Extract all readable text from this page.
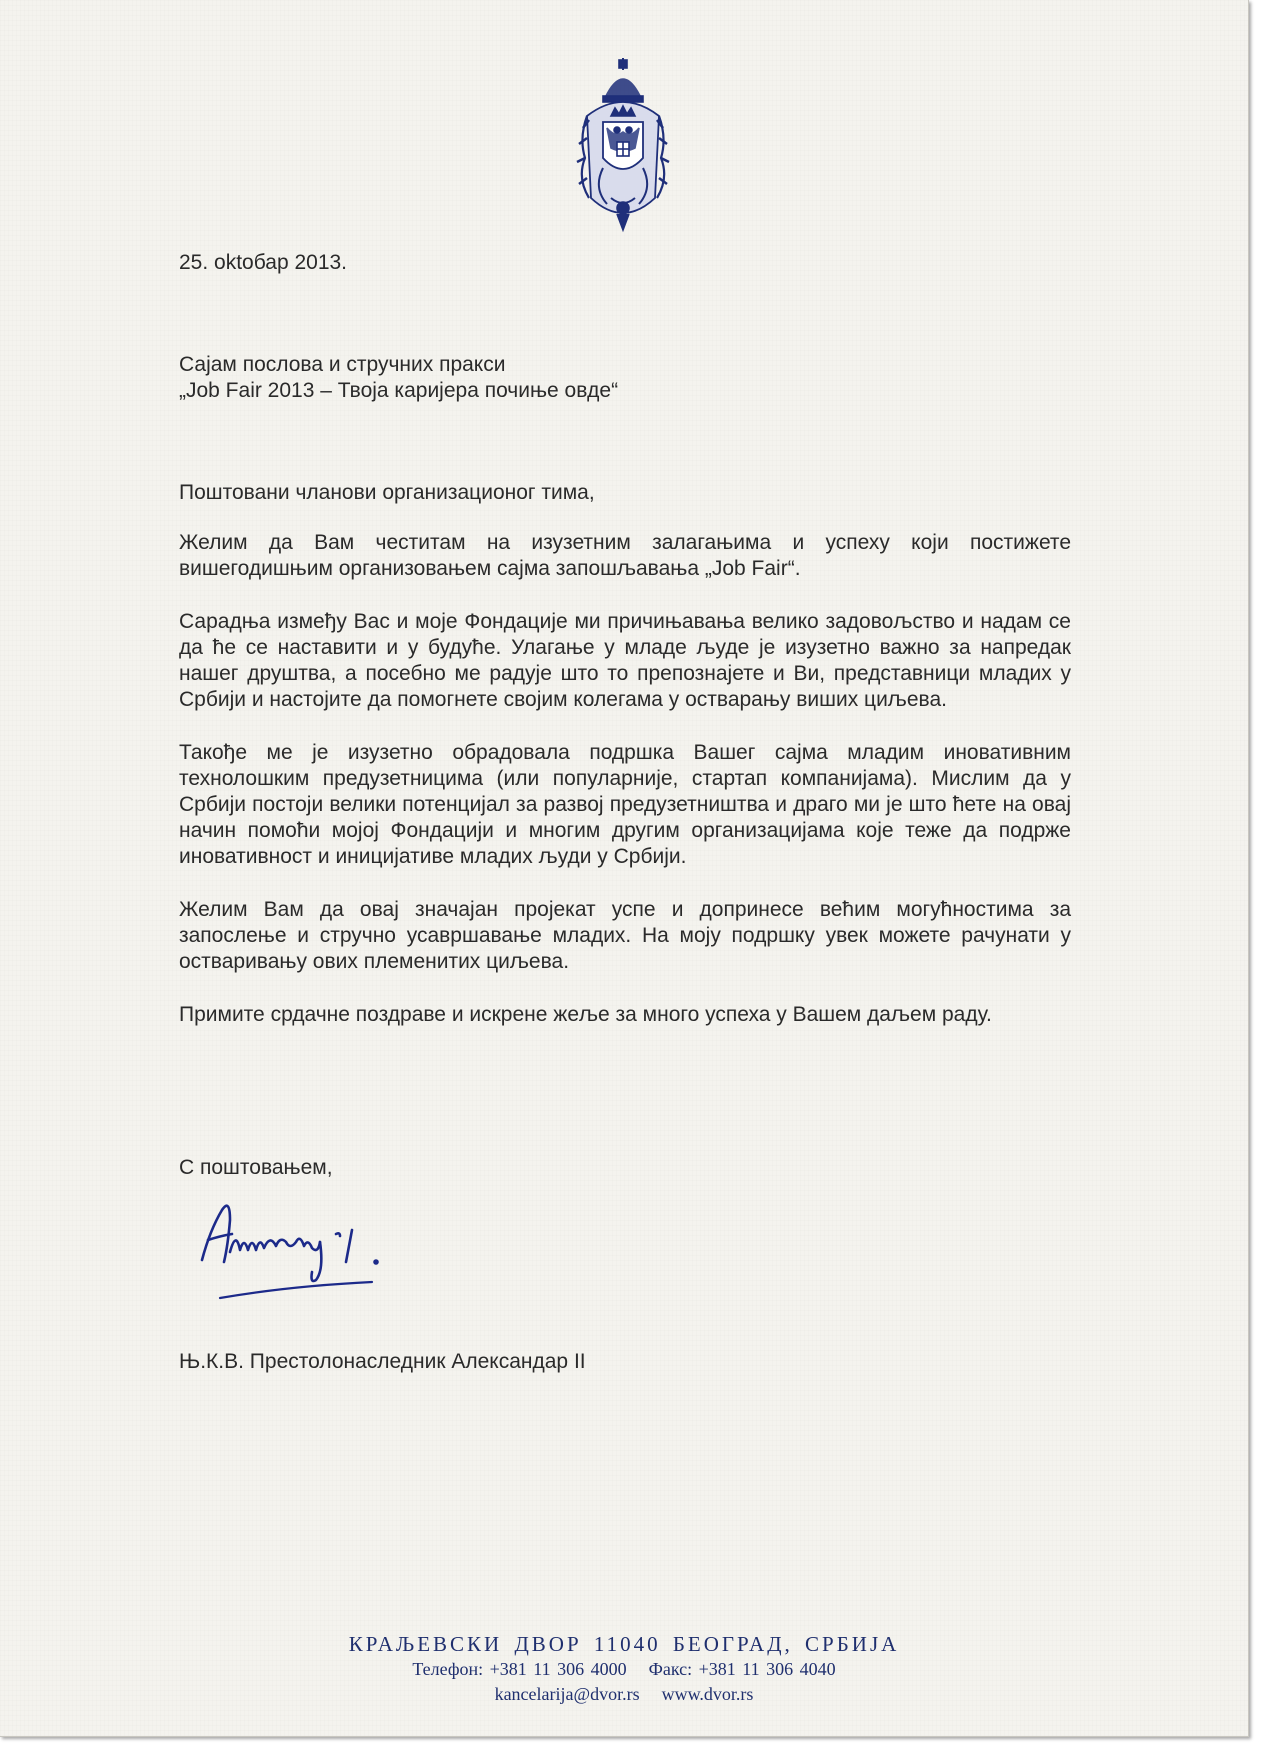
25. oktобар 2013.
Сајам послова и стручних пракси
„Job Fair 2013 – Твоја каријера почиње овде“
Поштовани чланови организационог тима,

Желим да Вам честитам на изузетним залагањима и успеху који постижете вишегодишњим организовањем сајма запошљавања „Job Fair“.

Сарадња између Вас и моје Фондације ми причињавања велико задовољство и надам се да ће се наставити и у будуће. Улагање у младе људе је изузетно важно за напредак нашег друштва, а посебно ме радује што то препознајете и Ви, представници младих у Србији и настојите да помогнете својим колегама у остварању виших циљева.

Такође ме је изузетно обрадовала подршка Вашег сајма младим иновативним технолошким предузетницима (или популарније, стартап компанијама). Мислим да у Србији постоји велики потенцијал за развој предузетништва и драго ми је што ћете на овај начин помоћи мојој Фондацији и многим другим организацијама које теже да подрже иновативност и иницијативе младих људи у Србији.

Желим Вам да овај значајан пројекат успе и допринесе већим могућностима за запослење и стручно усавршавање младих. На моју подршку увек можете рачунати у остваривању ових племенитих циљева.

Примите срдачне поздраве и искрене жеље за много успеха у Вашем даљем раду.

С поштовањем,
Њ.К.В. Престолонаследник Александар II
КРАЉЕВСКИ ДВОР 11040 БЕОГРАД, СРБИЈА
Телефон: +381 11 306 4000 Факс: +381 11 306 4040
kancelarija@dvor.rs www.dvor.rs
